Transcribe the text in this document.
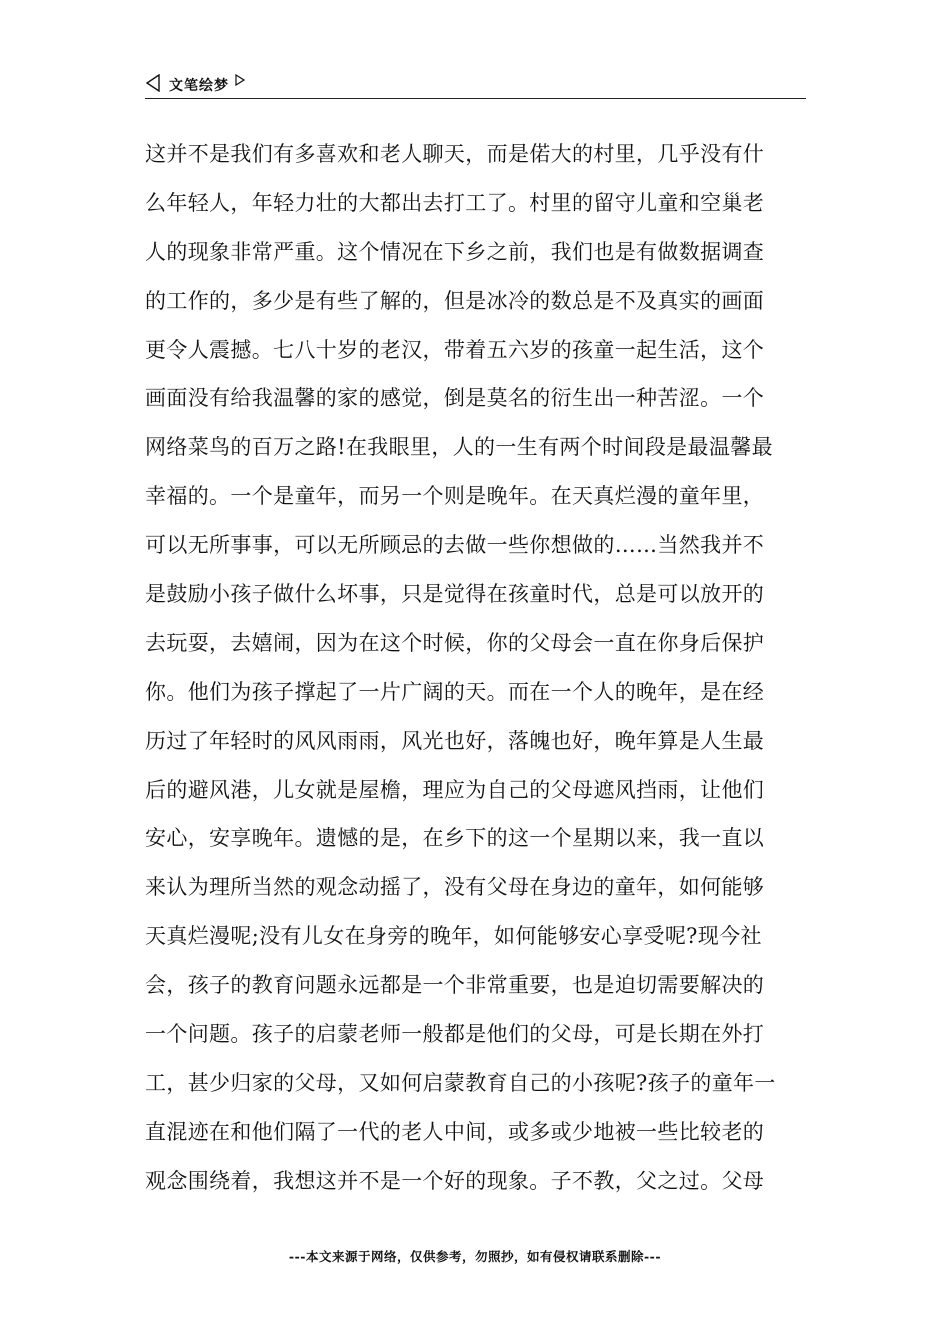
文笔绘梦
这并不是我们有多喜欢和老人聊天，而是偌大的村里，几乎没有什
么年轻人，年轻力壮的大都出去打工了。村里的留守儿童和空巢老
人的现象非常严重。这个情况在下乡之前，我们也是有做数据调查
的工作的，多少是有些了解的，但是冰冷的数总是不及真实的画面
更令人震撼。七八十岁的老汉，带着五六岁的孩童一起生活，这个
画面没有给我温馨的家的感觉，倒是莫名的衍生出一种苦涩。一个
网络菜鸟的百万之路!在我眼里，人的一生有两个时间段是最温馨最
幸福的。一个是童年，而另一个则是晚年。在天真烂漫的童年里，
可以无所事事，可以无所顾忌的去做一些你想做的……当然我并不
是鼓励小孩子做什么坏事，只是觉得在孩童时代，总是可以放开的
去玩耍，去嬉闹，因为在这个时候，你的父母会一直在你身后保护
你。他们为孩子撑起了一片广阔的天。而在一个人的晚年，是在经
历过了年轻时的风风雨雨，风光也好，落魄也好，晚年算是人生最
后的避风港，儿女就是屋檐，理应为自己的父母遮风挡雨，让他们
安心，安享晚年。遗憾的是，在乡下的这一个星期以来，我一直以
来认为理所当然的观念动摇了，没有父母在身边的童年，如何能够
天真烂漫呢;没有儿女在身旁的晚年，如何能够安心享受呢?现今社
会，孩子的教育问题永远都是一个非常重要，也是迫切需要解决的
一个问题。孩子的启蒙老师一般都是他们的父母，可是长期在外打
工，甚少归家的父母，又如何启蒙教育自己的小孩呢?孩子的童年一
直混迹在和他们隔了一代的老人中间，或多或少地被一些比较老的
观念围绕着，我想这并不是一个好的现象。子不教，父之过。父母
---本文来源于网络，仅供参考，勿照抄，如有侵权请联系删除---
